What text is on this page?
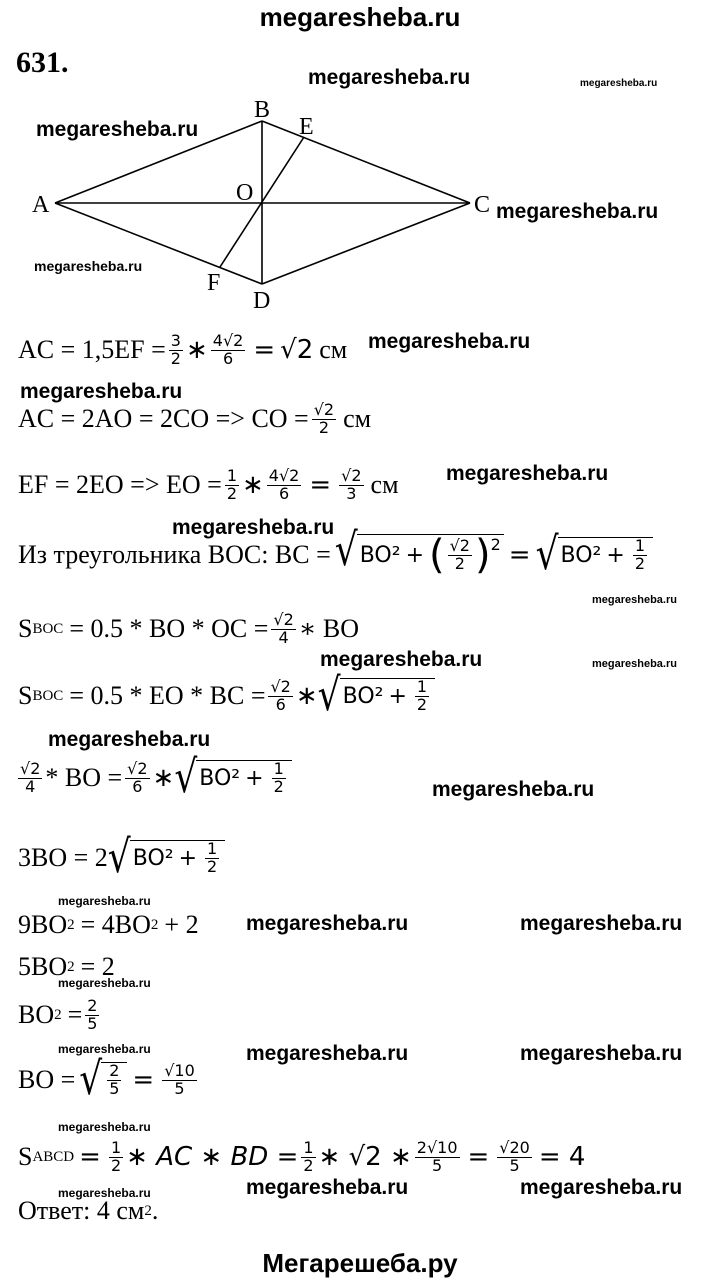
megaresheba.ru
631.
A
B
C
D
E
F
O
megaresheba.ru	megaresheba.ru
megaresheba.ru
megaresheba.ru
megaresheba.ru
megaresheba.ru
megaresheba.ru
megaresheba.ru
megaresheba.ru
megaresheba.ru
megaresheba.ru	megaresheba.ru
megaresheba.ru
megaresheba.ru
megaresheba.ru
megaresheba.ru	megaresheba.ru
megaresheba.ru
megaresheba.ru	megaresheba.ru	megaresheba.ru
megaresheba.ru
megaresheba.ru	megaresheba.ru	megaresheba.ru
AC = $1,5EF = \frac{3}{2}$ ∗ $\frac{4√2}{6} = √2$ см
AC = 2AO = 2CO => CO = $\frac{√2}{2}$ см
EF = 2EO => EO = $\frac{1}{2}$ ∗ $\frac{4√2}{6} = \frac{√2}{3}$ см
Из треугольника BOC: BC = √ BO² + ( √2
2 ) 2 = √ $BO^2 + \frac{1}{2}$
S BOC = 0.5 * BO * OC = $\frac{√2}{4}$ ∗ BO
S BOC = 0.5 * EO * BC = $\frac{√2}{6}$ ∗ √ $BO^2 + \frac{1}{2}$
√2
4 * BO = $\frac{√2}{6}$ ∗ √ $BO^2 + \frac{1}{2}$
3BO = 2 √ $BO^2 + \frac{1}{2}$
9BO 2 = 4BO 2 + 2
5BO 2 = 2
BO $2 = \frac{2}{5}$
BO = √ 2
$5 = \frac{√10}{5}$
S ABCD = $\frac{1}{2}$ ∗ AC ∗ BD = $\frac{1}{2}$ ∗ √2 ∗ $\frac{2√10}{5} = \frac{√20}{5} = 4$
Ответ: 4 см 2 .
Мегарешеба.ру
